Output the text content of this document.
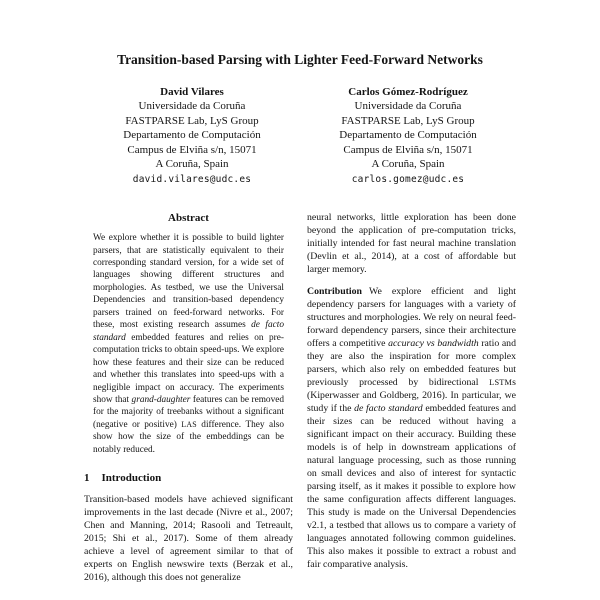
Transition-based Parsing with Lighter Feed-Forward Networks
David Vilares
Universidade da Coruña
FASTPARSE Lab, LyS Group
Departamento de Computación
Campus de Elviña s/n, 15071
A Coruña, Spain
david.vilares@udc.es
Carlos Gómez-Rodríguez
Universidade da Coruña
FASTPARSE Lab, LyS Group
Departamento de Computación
Campus de Elviña s/n, 15071
A Coruña, Spain
carlos.gomez@udc.es
Abstract

We explore whether it is possible to build lighter parsers, that are statistically equivalent to their corresponding standard version, for a wide set of languages showing different structures and morphologies. As testbed, we use the Universal Dependencies and transition-based dependency parsers trained on feed-forward networks. For these, most existing research assumes de facto standard embedded features and relies on pre-computation tricks to obtain speed-ups. We explore how these features and their size can be reduced and whether this translates into speed-ups with a negligible impact on accuracy. The experiments show that grand-daughter features can be removed for the majority of treebanks without a significant (negative or positive) LAS difference. They also show how the size of the embeddings can be notably reduced.

1 Introduction

Transition-based models have achieved significant improvements in the last decade (Nivre et al., 2007; Chen and Manning, 2014; Rasooli and Tetreault, 2015; Shi et al., 2017). Some of them already achieve a level of agreement similar to that of experts on English newswire texts (Berzak et al., 2016), although this does not generalize

neural networks, little exploration has been done beyond the application of pre-computation tricks, initially intended for fast neural machine translation (Devlin et al., 2014), at a cost of affordable but larger memory.

Contribution We explore efficient and light dependency parsers for languages with a variety of structures and morphologies. We rely on neural feed-forward dependency parsers, since their architecture offers a competitive accuracy vs bandwidth ratio and they are also the inspiration for more complex parsers, which also rely on embedded features but previously processed by bidirectional LSTMs (Kiperwasser and Goldberg, 2016). In particular, we study if the de facto standard embedded features and their sizes can be reduced without having a significant impact on their accuracy. Building these models is of help in downstream applications of natural language processing, such as those running on small devices and also of interest for syntactic parsing itself, as it makes it possible to explore how the same configuration affects different languages. This study is made on the Universal Dependencies v2.1, a testbed that allows us to compare a variety of languages annotated following common guidelines. This also makes it possible to extract a robust and fair comparative analysis.
